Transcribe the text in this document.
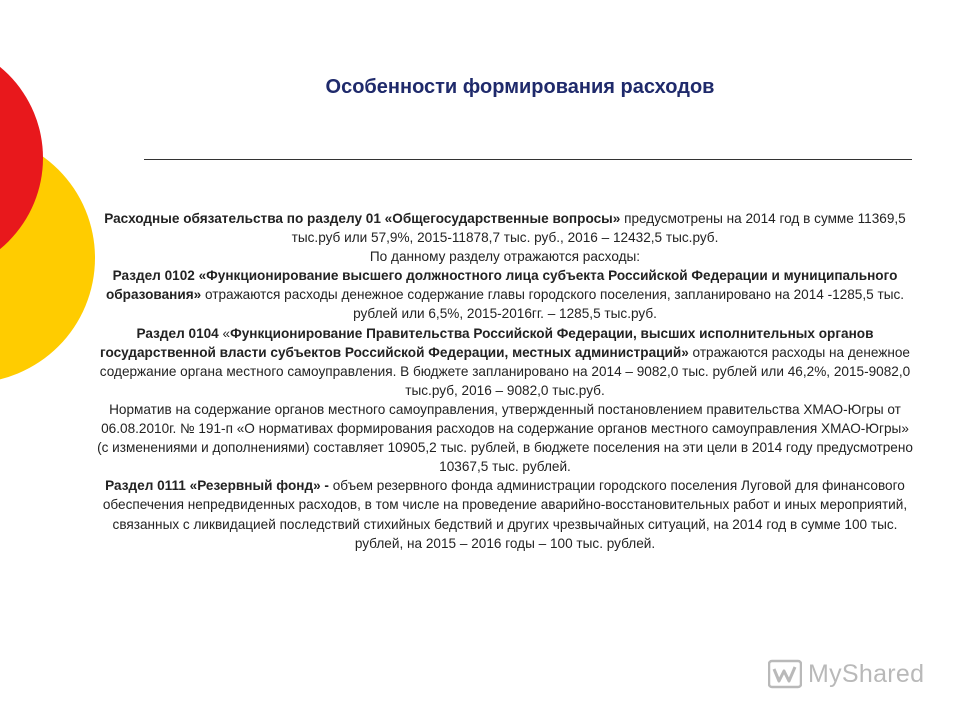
Особенности формирования расходов

Расходные обязательства по разделу 01 «Общегосударственные вопросы» предусмотрены на 2014 год в сумме 11369,5 тыс.руб или 57,9%, 2015-11878,7 тыс. руб., 2016 – 12432,5 тыс.руб.

По данному разделу отражаются расходы:

Раздел 0102 «Функционирование высшего должностного лица субъекта Российской Федерации и муниципального образования» отражаются расходы денежное содержание главы городского поселения, запланировано на 2014 -1285,5 тыс. рублей или 6,5%, 2015-2016гг. – 1285,5 тыс.руб.

Раздел 0104 «Функционирование Правительства Российской Федерации, высших исполнительных органов государственной власти субъектов Российской Федерации, местных администраций» отражаются расходы на денежное содержание органа местного самоуправления. В бюджете запланировано на 2014 – 9082,0 тыс. рублей или 46,2%, 2015-9082,0 тыс.руб, 2016 – 9082,0 тыс.руб.

Норматив на содержание органов местного самоуправления, утвержденный постановлением правительства ХМАО-Югры от 06.08.2010г. № 191-п «О нормативах формирования расходов на содержание органов местного самоуправления ХМАО-Югры» (с изменениями и дополнениями) составляет 10905,2 тыс. рублей, в бюджете поселения на эти цели в 2014 году предусмотрено 10367,5 тыс. рублей.

Раздел 0111 «Резервный фонд» - объем резервного фонда администрации городского поселения Луговой для финансового обеспечения непредвиденных расходов, в том числе на проведение аварийно-восстановительных работ и иных мероприятий, связанных с ликвидацией последствий стихийных бедствий и других чрезвычайных ситуаций, на 2014 год в сумме 100 тыс. рублей, на 2015 – 2016 годы – 100 тыс. рублей.

MyShared
